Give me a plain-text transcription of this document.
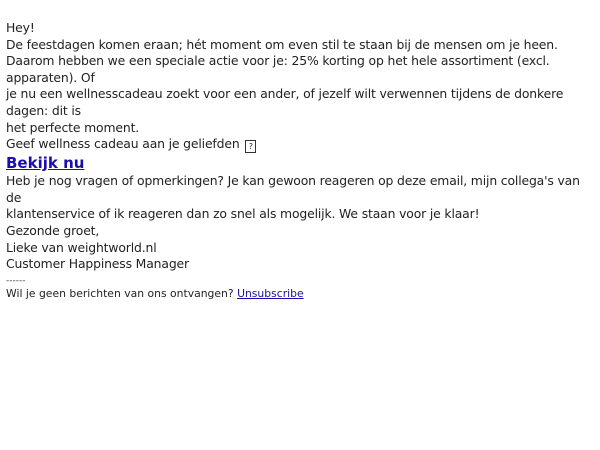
Hey!

De feestdagen komen eraan; hét moment om even stil te staan bij de mensen om je heen.

Daarom hebben we een speciale actie voor je: 25% korting op het hele assortiment (excl. apparaten). Of

je nu een wellnesscadeau zoekt voor een ander, of jezelf wilt verwennen tijdens de donkere dagen: dit is

het perfecte moment.

Geef wellness cadeau aan je geliefden ?

Bekijk nu

Heb je nog vragen of opmerkingen? Je kan gewoon reageren op deze email, mijn collega's van de

klantenservice of ik reageren dan zo snel als mogelijk. We staan voor je klaar!

Gezonde groet,

Lieke van weightworld.nl

Customer Happiness Manager

------

Wil je geen berichten van ons ontvangen? Unsubscribe
